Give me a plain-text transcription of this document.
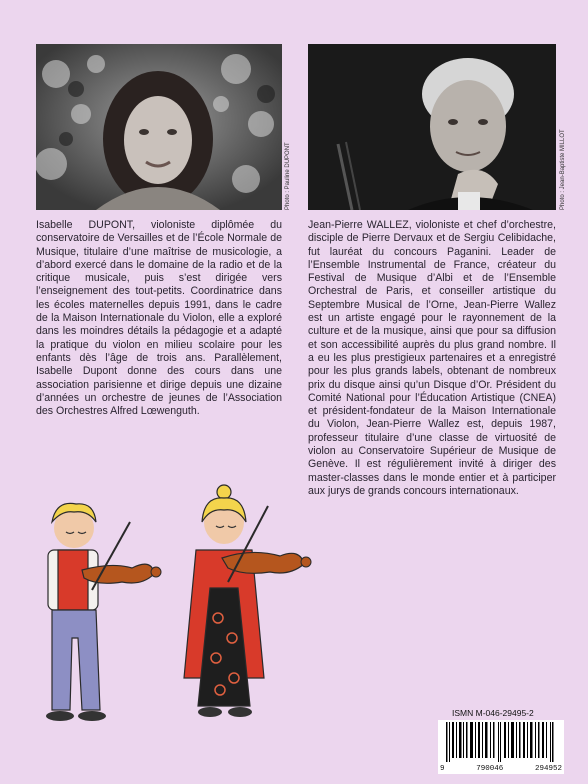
Photo : Pauline DUPONT	Photo : Jean-Baptiste MILLOT

Isabelle DUPONT, violoniste diplômée du conservatoire de Versailles et de l’École Normale de Musique, titulaire d’une maîtrise de musicologie, a d’abord exercé dans le domaine de la radio et de la critique musicale, puis s’est dirigée vers l’enseignement des tout-petits. Coordinatrice dans les écoles maternelles depuis 1991, dans le cadre de la Maison Internationale du Violon, elle a exploré dans les moindres détails la pédagogie et a adapté la pratique du violon en milieu scolaire pour les enfants dès l’âge de trois ans. Parallèlement, Isabelle Dupont donne des cours dans une association parisienne et dirige depuis une dizaine d’années un orchestre de jeunes de l’Association des Orchestres Alfred Lœwenguth.

Jean-Pierre WALLEZ, violoniste et chef d’orchestre, disciple de Pierre Dervaux et de Sergiu Celibidache, fut lauréat du concours Paganini. Leader de l’Ensemble Instrumental de France, créateur du Festival de Musique d’Albi et de l’Ensemble Orchestral de Paris, et conseiller artistique du Septembre Musical de l’Orne, Jean-Pierre Wallez est un artiste engagé pour le rayonnement de la culture et de la musique, ainsi que pour sa diffusion et son accessibilité auprès du plus grand nombre. Il a eu les plus prestigieux partenaires et a enregistré pour les plus grands labels, obtenant de nombreux prix du disque ainsi qu’un Disque d’Or. Président du Comité National pour l’Éducation Artistique (CNEA) et président-fondateur de la Maison Internationale du Violon, Jean-Pierre Wallez est, depuis 1987, professeur titulaire d’une classe de virtuosité de violon au Conservatoire Supérieur de Musique de Genève. Il est régulièrement invité à diriger des master-classes dans le monde entier et à participer aux jurys de grands concours internationaux.

ISMN M-046-29495-2
9	790046	294952
